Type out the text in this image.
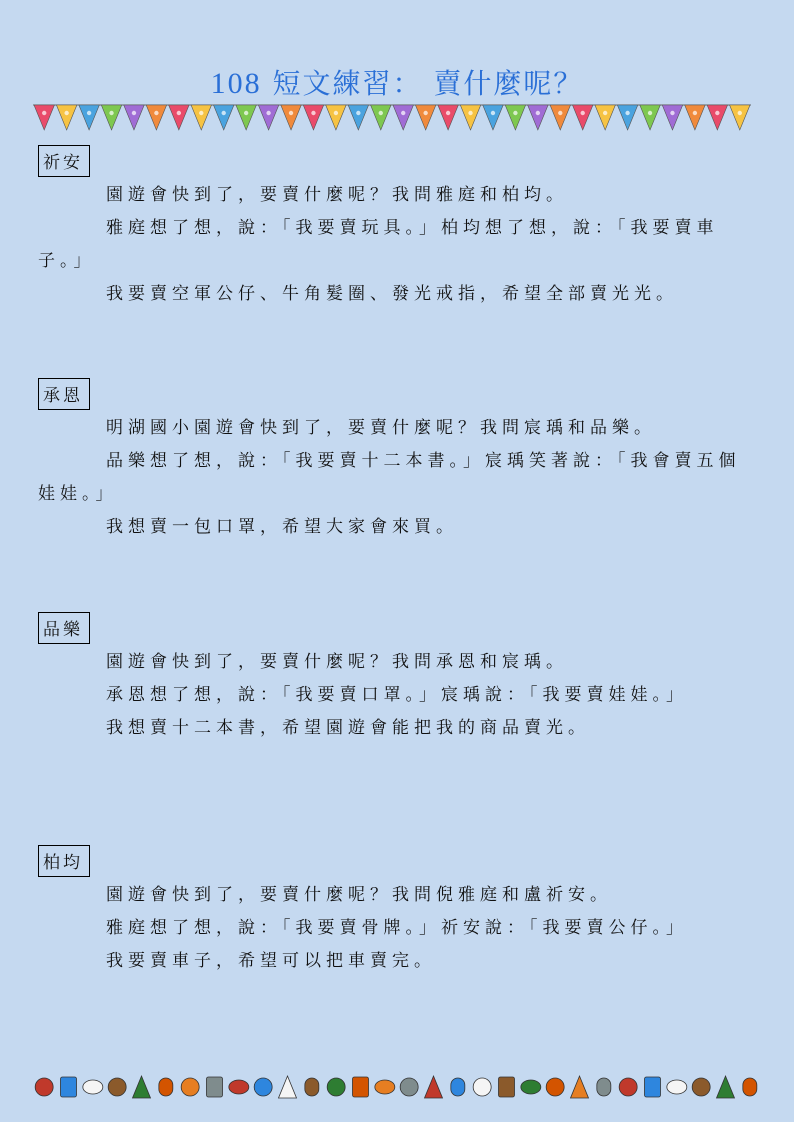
108 短文練習： 賣什麼呢？
祈安

園遊會快到了，要賣什麼呢？我問雅庭和柏均。

雅庭想了想，說：「我要賣玩具。」柏均想了想，說：「我要賣車子。」

我要賣空軍公仔、牛角髮圈、發光戒指，希望全部賣光光。

承恩

明湖國小園遊會快到了，要賣什麼呢？我問宸瑀和品樂。

品樂想了想，說：「我要賣十二本書。」宸瑀笑著說：「我會賣五個娃娃。」

我想賣一包口罩，希望大家會來買。

品樂

園遊會快到了，要賣什麼呢？我問承恩和宸瑀。

承恩想了想，說：「我要賣口罩。」宸瑀說：「我要賣娃娃。」

我想賣十二本書，希望園遊會能把我的商品賣光。

柏均

園遊會快到了，要賣什麼呢？我問倪雅庭和盧祈安。

雅庭想了想，說：「我要賣骨牌。」祈安說：「我要賣公仔。」

我要賣車子，希望可以把車賣完。
